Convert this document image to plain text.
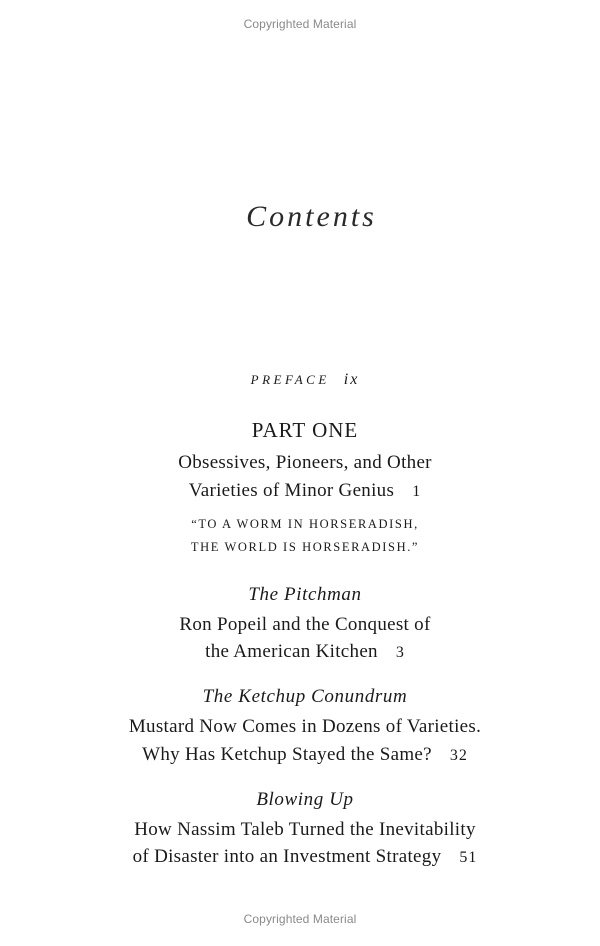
Copyrighted Material
Contents
PREFACE ix
PART ONE
Obsessives, Pioneers, and Other
Varieties of Minor Genius 1
“TO A WORM IN HORSERADISH,
THE WORLD IS HORSERADISH.”
The Pitchman
Ron Popeil and the Conquest of
the American Kitchen 3
The Ketchup Conundrum
Mustard Now Comes in Dozens of Varieties.
Why Has Ketchup Stayed the Same? 32
Blowing Up
How Nassim Taleb Turned the Inevitability
of Disaster into an Investment Strategy 51
Copyrighted Material
